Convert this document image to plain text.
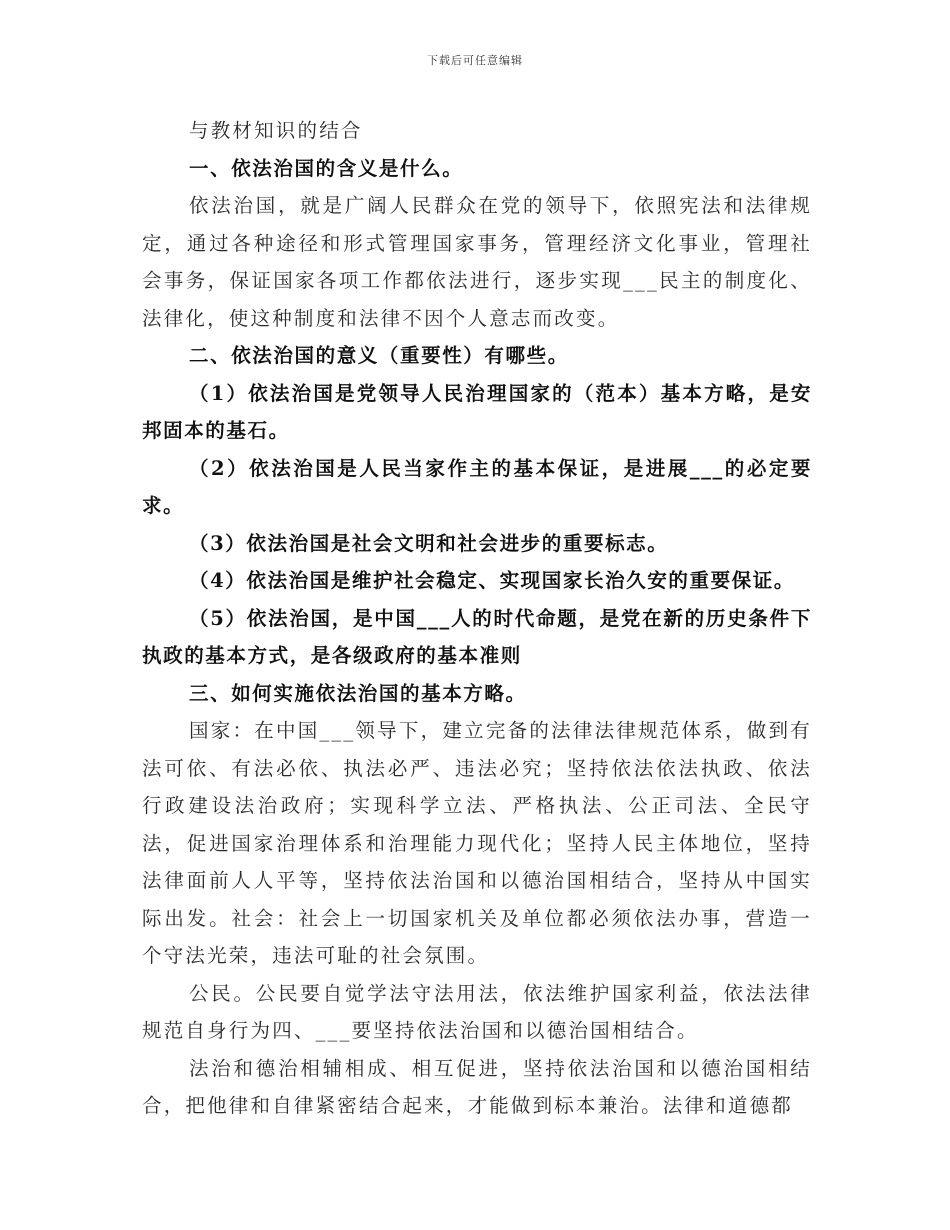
下载后可任意编辑

与教材知识的结合

一、依法治国的含义是什么。

依法治国，就是广阔人民群众在党的领导下，依照宪法和法律规定，通过各种途径和形式管理国家事务，管理经济文化事业，管理社会事务，保证国家各项工作都依法进行，逐步实现___民主的制度化、法律化，使这种制度和法律不因个人意志而改变。

二、依法治国的意义（重要性）有哪些。

（1）依法治国是党领导人民治理国家的（范本）基本方略，是安邦固本的基石。

（2）依法治国是人民当家作主的基本保证，是进展___的必定要求。

（3）依法治国是社会文明和社会进步的重要标志。

（4）依法治国是维护社会稳定、实现国家长治久安的重要保证。

（5）依法治国，是中国___人的时代命题，是党在新的历史条件下执政的基本方式，是各级政府的基本准则

三、如何实施依法治国的基本方略。

国家：在中国___领导下，建立完备的法律法律规范体系，做到有法可依、有法必依、执法必严、违法必究；坚持依法依法执政、依法行政建设法治政府；实现科学立法、严格执法、公正司法、全民守法，促进国家治理体系和治理能力现代化；坚持人民主体地位，坚持法律面前人人平等，坚持依法治国和以德治国相结合，坚持从中国实际出发。社会：社会上一切国家机关及单位都必须依法办事，营造一个守法光荣，违法可耻的社会氛围。

公民。公民要自觉学法守法用法，依法维护国家利益，依法法律规范自身行为四、___要坚持依法治国和以德治国相结合。

法治和德治相辅相成、相互促进，坚持依法治国和以德治国相结合，把他律和自律紧密结合起来，才能做到标本兼治。法律和道德都
